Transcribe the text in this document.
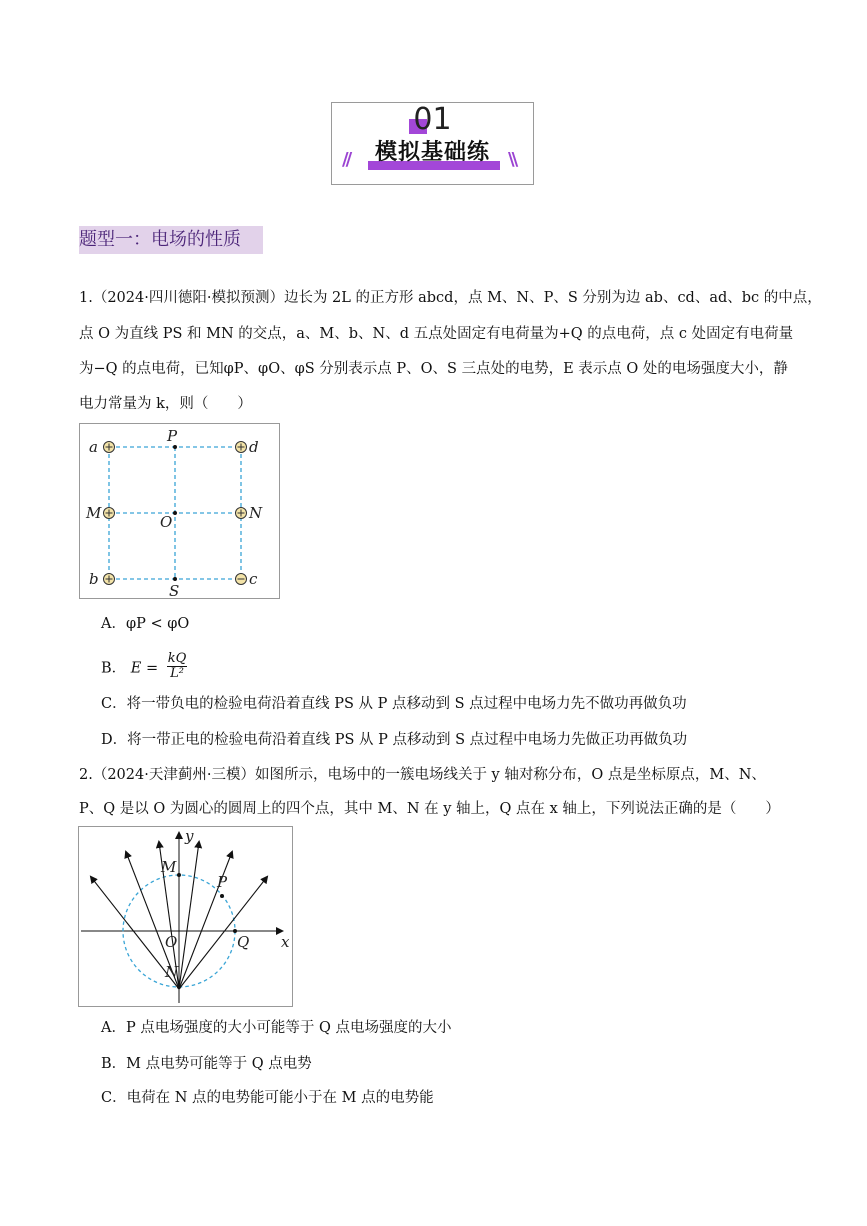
01
//	模拟基础练	\\
题型一：电场的性质
1.（2024·四川德阳·模拟预测）边长为 2L 的正方形 abcd，点 M、N、P、S 分别为边 ab、cd、ad、bc 的中点，
点 O 为直线 PS 和 MN 的交点，a、M、b、N、d 五点处固定有电荷量为+Q 的点电荷，点 c 处固定有电荷量
为−Q 的点电荷，已知φP、φO、φS 分别表示点 P、O、S 三点处的电势，E 表示点 O 处的电场强度大小，静
电力常量为 k，则（　　）
a	d
P
M	N
O
b	c
S
A．φP < φO
B． $E = \frac{kQ}{\text{L²}}$
C．将一带负电的检验电荷沿着直线 PS 从 P 点移动到 S 点过程中电场力先不做功再做负功
D．将一带正电的检验电荷沿着直线 PS 从 P 点移动到 S 点过程中电场力先做正功再做负功
2.（2024·天津蓟州·三模）如图所示，电场中的一簇电场线关于 y 轴对称分布，O 点是坐标原点，M、N、
P、Q 是以 O 为圆心的圆周上的四个点，其中 M、N 在 y 轴上，Q 点在 x 轴上，下列说法正确的是（　　）
y
x
M
P
O	Q
N
A．P 点电场强度的大小可能等于 Q 点电场强度的大小
B．M 点电势可能等于 Q 点电势
C．电荷在 N 点的电势能可能小于在 M 点的电势能
